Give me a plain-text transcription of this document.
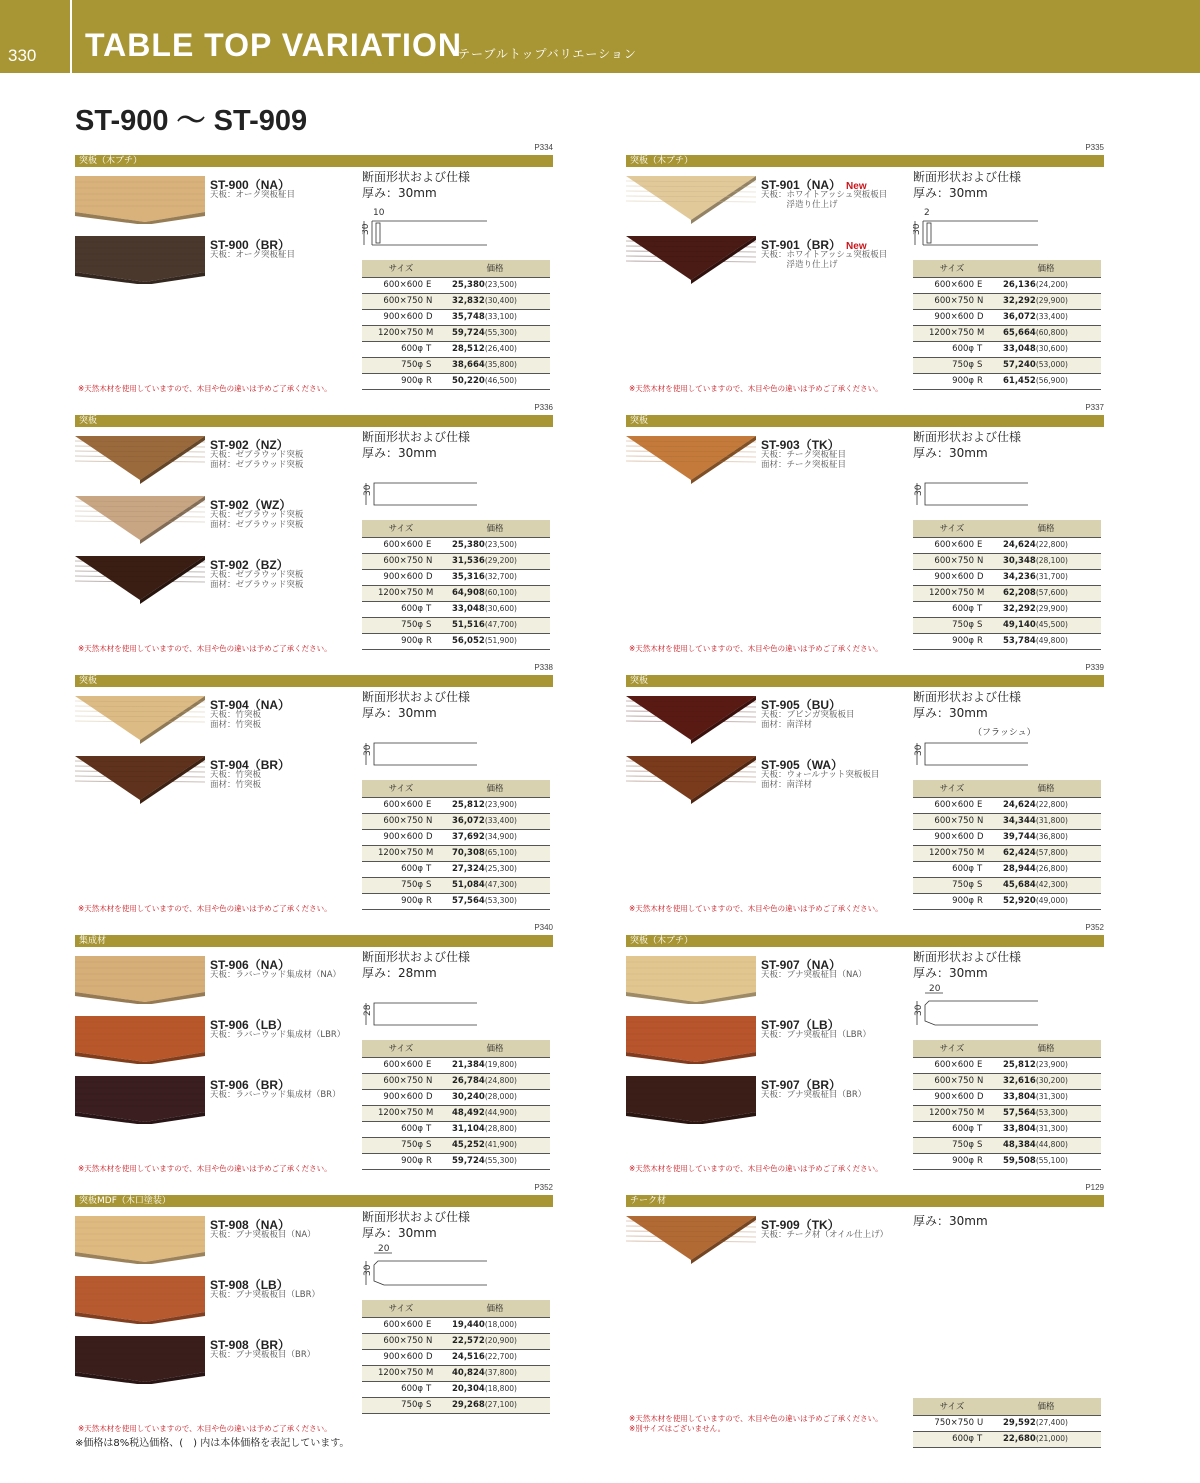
330 TABLE TOP VARIATION
テーブルトップバリエーション
ST-900 〜 ST-909
P334
突板（木ブチ）
ST-900（NA）
天板：オーク突板柾目
ST-900（BR）
天板：オーク突板柾目
断面形状および仕様
厚み：30mm
30
10
サイズ		価格
600×600	E	25,380(23,500)
600×750	N	32,832(30,400)
900×600	D	35,748(33,100)
1200×750	M	59,724(55,300)
600φ	T	28,512(26,400)
750φ	S	38,664(35,800)
900φ	R	50,220(46,500)
※天然木材を使用していますので、木目や色の違いは予めご了承ください。
P335
突板（木ブチ）
ST-901（NA） New
天板：ホワイトアッシュ突板板目
　　　浮造り仕上げ
ST-901（BR） New
天板：ホワイトアッシュ突板板目
　　　浮造り仕上げ
断面形状および仕様
厚み：30mm
30
2
サイズ		価格
600×600	E	26,136(24,200)
600×750	N	32,292(29,900)
900×600	D	36,072(33,400)
1200×750	M	65,664(60,800)
600φ	T	33,048(30,600)
750φ	S	57,240(53,000)
900φ	R	61,452(56,900)
※天然木材を使用していますので、木目や色の違いは予めご了承ください。
P336
突板
ST-902（NZ）
天板：ゼブラウッド突板
面材：ゼブラウッド突板
ST-902（WZ）
天板：ゼブラウッド突板
面材：ゼブラウッド突板
ST-902（BZ）
天板：ゼブラウッド突板
面材：ゼブラウッド突板
断面形状および仕様
厚み：30mm
30
サイズ		価格
600×600	E	25,380(23,500)
600×750	N	31,536(29,200)
900×600	D	35,316(32,700)
1200×750	M	64,908(60,100)
600φ	T	33,048(30,600)
750φ	S	51,516(47,700)
900φ	R	56,052(51,900)
※天然木材を使用していますので、木目や色の違いは予めご了承ください。
P337
突板
ST-903（TK）
天板：チーク突板柾目
面材：チーク突板柾目
断面形状および仕様
厚み：30mm
30
サイズ		価格
600×600	E	24,624(22,800)
600×750	N	30,348(28,100)
900×600	D	34,236(31,700)
1200×750	M	62,208(57,600)
600φ	T	32,292(29,900)
750φ	S	49,140(45,500)
900φ	R	53,784(49,800)
※天然木材を使用していますので、木目や色の違いは予めご了承ください。
P338
突板
ST-904（NA）
天板：竹突板
面材：竹突板
ST-904（BR）
天板：竹突板
面材：竹突板
断面形状および仕様
厚み：30mm
30
サイズ		価格
600×600	E	25,812(23,900)
600×750	N	36,072(33,400)
900×600	D	37,692(34,900)
1200×750	M	70,308(65,100)
600φ	T	27,324(25,300)
750φ	S	51,084(47,300)
900φ	R	57,564(53,300)
※天然木材を使用していますので、木目や色の違いは予めご了承ください。
P339
突板
ST-905（BU）
天板：ブビンガ突板板目
面材：南洋材
ST-905（WA）
天板：ウォールナット突板板目
面材：南洋材
断面形状および仕様
厚み：30mm
30
（フラッシュ）
サイズ		価格
600×600	E	24,624(22,800)
600×750	N	34,344(31,800)
900×600	D	39,744(36,800)
1200×750	M	62,424(57,800)
600φ	T	28,944(26,800)
750φ	S	45,684(42,300)
900φ	R	52,920(49,000)
※天然木材を使用していますので、木目や色の違いは予めご了承ください。
P340
集成材
ST-906（NA）
天板：ラバーウッド集成材（NA）
ST-906（LB）
天板：ラバーウッド集成材（LBR）
ST-906（BR）
天板：ラバーウッド集成材（BR）
断面形状および仕様
厚み：28mm
28
サイズ		価格
600×600	E	21,384(19,800)
600×750	N	26,784(24,800)
900×600	D	30,240(28,000)
1200×750	M	48,492(44,900)
600φ	T	31,104(28,800)
750φ	S	45,252(41,900)
900φ	R	59,724(55,300)
※天然木材を使用していますので、木目や色の違いは予めご了承ください。
P352
突板（木ブチ）
ST-907（NA）
天板：ブナ突板柾目（NA）
ST-907（LB）
天板：ブナ突板柾目（LBR）
ST-907（BR）
天板：ブナ突板柾目（BR）
断面形状および仕様
厚み：30mm
30
20
サイズ		価格
600×600	E	25,812(23,900)
600×750	N	32,616(30,200)
900×600	D	33,804(31,300)
1200×750	M	57,564(53,300)
600φ	T	33,804(31,300)
750φ	S	48,384(44,800)
900φ	R	59,508(55,100)
※天然木材を使用していますので、木目や色の違いは予めご了承ください。
P352
突板MDF（木口塗装）
ST-908（NA）
天板：ブナ突板板目（NA）
ST-908（LB）
天板：ブナ突板板目（LBR）
ST-908（BR）
天板：ブナ突板板目（BR）
断面形状および仕様
厚み：30mm
30
20
サイズ		価格
600×600	E	19,440(18,000)
600×750	N	22,572(20,900)
900×600	D	24,516(22,700)
1200×750	M	40,824(37,800)
600φ	T	20,304(18,800)
750φ	S	29,268(27,100)
※天然木材を使用していますので、木目や色の違いは予めご了承ください。
P129
チーク材
ST-909（TK）
天板：チーク材（オイル仕上げ）
厚み：30mm
サイズ		価格
750×750	U	29,592(27,400)
600φ	T	22,680(21,000)
※天然木材を使用していますので、木目や色の違いは予めご了承ください。
※別サイズはございません。
※価格は8%税込価格、(　) 内は本体価格を表記しています。
